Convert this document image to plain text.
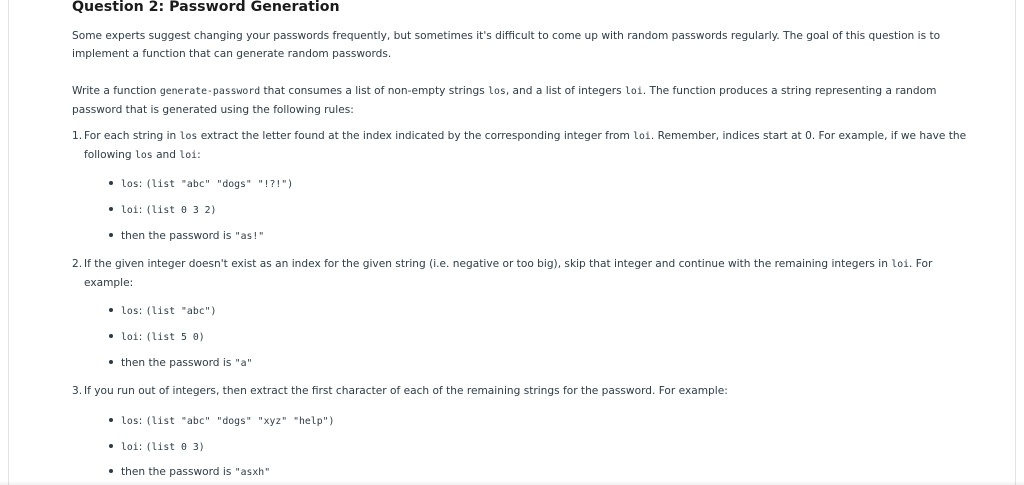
Question 2: Password Generation

Some experts suggest changing your passwords frequently, but sometimes it's difficult to come up with random passwords regularly. The goal of this question is to implement a function that can generate random passwords.

Write a function generate-password that consumes a list of non-empty strings los, and a list of integers loi. The function produces a string representing a random password that is generated using the following rules:

1. For each string in los extract the letter found at the index indicated by the corresponding integer from loi. Remember, indices start at 0. For example, if we have the following los and loi:
los: (list "abc" "dogs" "!?!")
loi: (list 0 3 2)
then the password is "as!"
2. If the given integer doesn't exist as an index for the given string (i.e. negative or too big), skip that integer and continue with the remaining integers in loi. For example:
los: (list "abc")
loi: (list 5 0)
then the password is "a"
3. If you run out of integers, then extract the first character of each of the remaining strings for the password. For example:
los: (list "abc" "dogs" "xyz" "help")
loi: (list 0 3)
then the password is "asxh"
